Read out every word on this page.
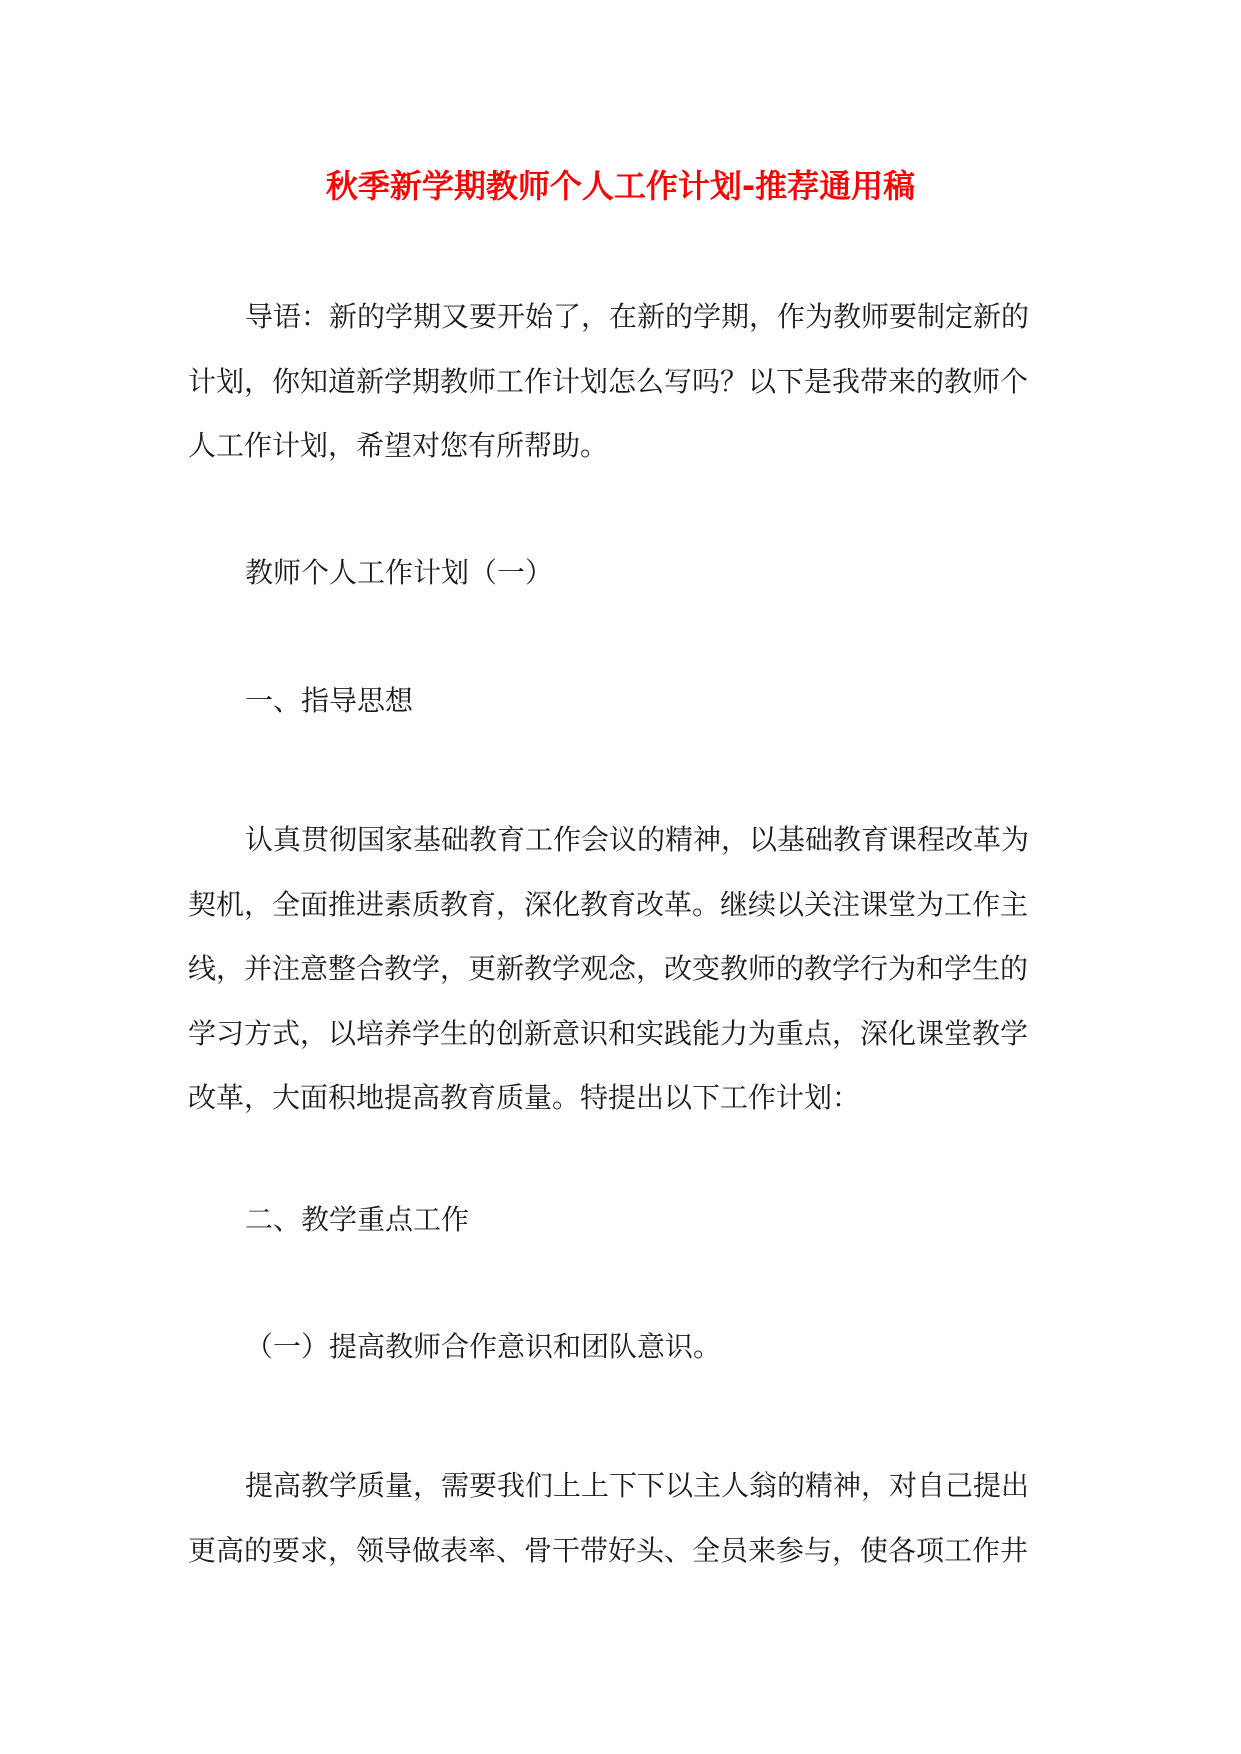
秋季新学期教师个人工作计划-推荐通用稿
导语：新的学期又要开始了，在新的学期，作为教师要制定新的
计划，你知道新学期教师工作计划怎么写吗？以下是我带来的教师个
人工作计划，希望对您有所帮助。
教师个人工作计划（一）
一、指导思想
认真贯彻国家基础教育工作会议的精神，以基础教育课程改革为
契机，全面推进素质教育，深化教育改革。继续以关注课堂为工作主
线，并注意整合教学，更新教学观念，改变教师的教学行为和学生的
学习方式，以培养学生的创新意识和实践能力为重点，深化课堂教学
改革，大面积地提高教育质量。特提出以下工作计划：
二、教学重点工作
（一）提高教师合作意识和团队意识。
提高教学质量，需要我们上上下下以主人翁的精神，对自己提出
更高的要求，领导做表率、骨干带好头、全员来参与，使各项工作井
